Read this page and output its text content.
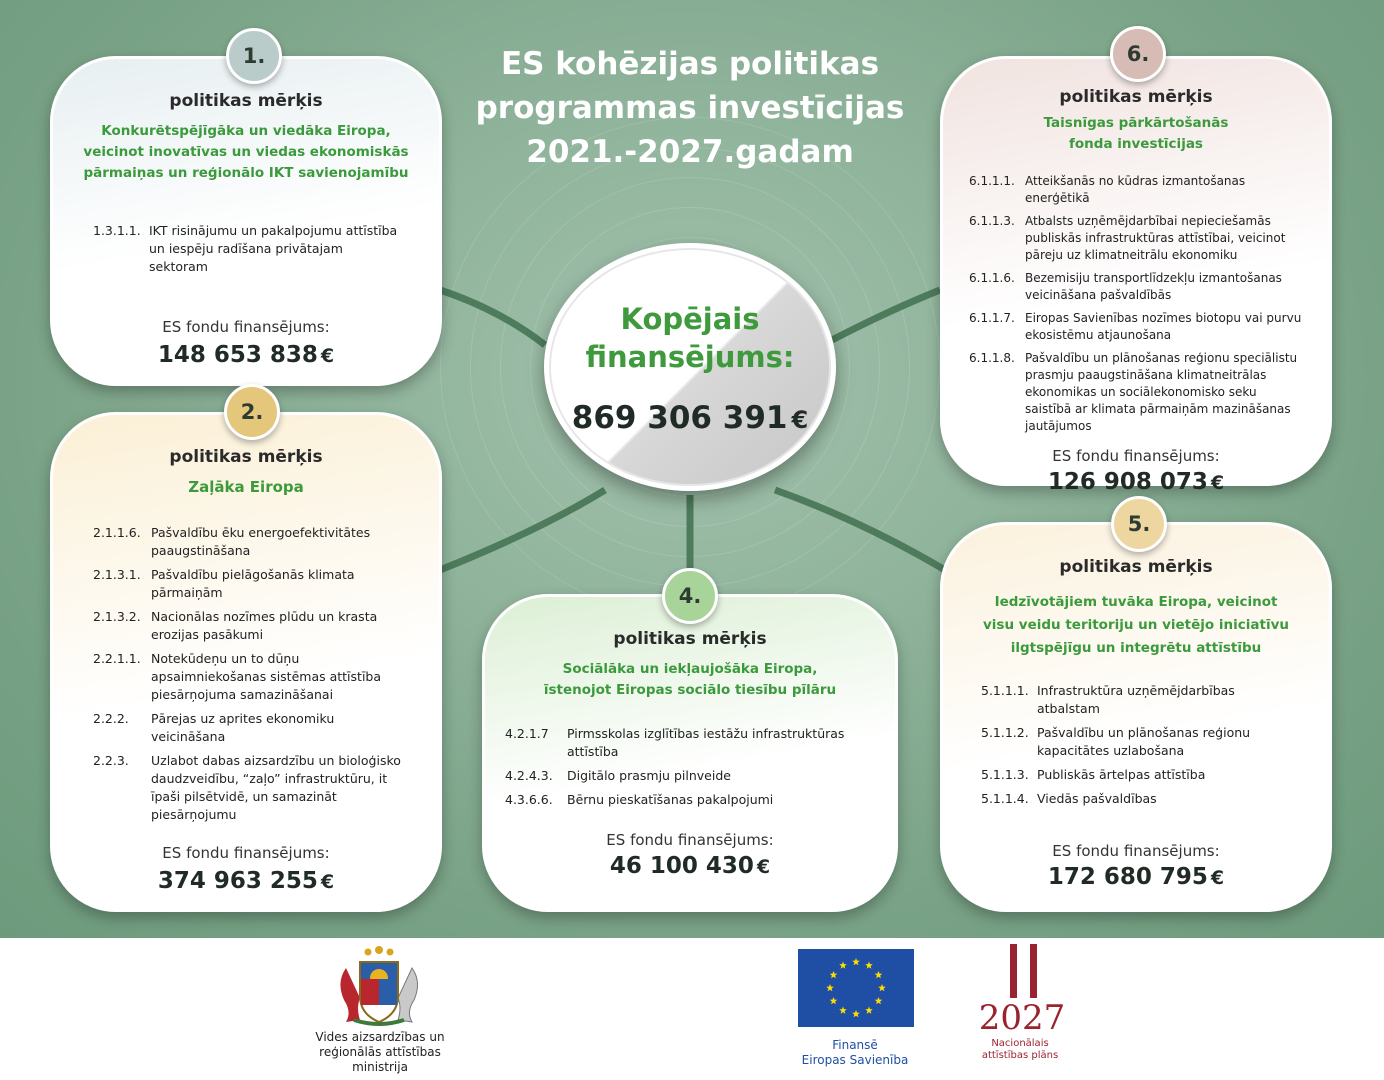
ES kohēzijas politikas
programmas investīcijas
2021.-2027.gadam
politikas mērķis
Konkurētspējīgāka un viedāka Eiropa,
veicinot inovatīvas un viedas ekonomiskās
pārmaiņas un reģionālo IKT savienojamību
1.3.1.1. IKT risinājumu un pakalpojumu attīstība un iespēju radīšana privātajam sektoram
ES fondu finansējums:
148 653 838 €
1.
politikas mērķis
Zaļāka Eiropa
2.1.1.6. Pašvaldību ēku energoefektivitātes paaugstināšana
2.1.3.1. Pašvaldību pielāgošanās klimata pārmaiņām
2.1.3.2. Nacionālas nozīmes plūdu un krasta erozijas pasākumi
2.2.1.1. Notekūdeņu un to dūņu apsaimniekošanas sistēmas attīstība piesārņojuma samazināšanai
2.2.2.	Pārejas uz aprites ekonomiku veicināšana
2.2.3.	Uzlabot dabas aizsardzību un bioloģisko daudzveidību, “zaļo” infrastruktūru, it īpaši pilsētvidē, un samazināt piesārņojumu
ES fondu finansējums:
374 963 255 €
2.
politikas mērķis
Sociālāka un iekļaujošāka Eiropa,
īstenojot Eiropas sociālo tiesību pīlāru
4.2.1.7	Pirmsskolas izglītības iestāžu infrastruktūras attīstība
4.2.4.3.	Digitālo prasmju pilnveide
4.3.6.6.	Bērnu pieskatīšanas pakalpojumi
ES fondu finansējums:
46 100 430 €
4.
politikas mērķis
Taisnīgas pārkārtošanās
fonda investīcijas
6.1.1.1. Atteikšanās no kūdras izmantošanas enerģētikā
6.1.1.3. Atbalsts uzņēmējdarbībai nepieciešamās publiskās infrastruktūras attīstībai, veicinot pāreju uz klimatneitrālu ekonomiku
6.1.1.6. Bezemisiju transportlīdzekļu izmantošanas veicināšana pašvaldībās
6.1.1.7. Eiropas Savienības nozīmes biotopu vai purvu ekosistēmu atjaunošana
6.1.1.8. Pašvaldību un plānošanas reģionu speciālistu prasmju paaugstināšana klimatneitrālas ekonomikas un sociālekonomisko seku saistībā ar klimata pārmaiņām mazināšanas jautājumos
ES fondu finansējums:
126 908 073 €
6.
politikas mērķis
Iedzīvotājiem tuvāka Eiropa, veicinot
visu veidu teritoriju un vietējo iniciatīvu
ilgtspējīgu un integrētu attīstību
5.1.1.1. Infrastruktūra uzņēmējdarbības atbalstam
5.1.1.2. Pašvaldību un plānošanas reģionu kapacitātes uzlabošana
5.1.1.3. Publiskās ārtelpas attīstība
5.1.1.4. Viedās pašvaldības
ES fondu finansējums:
172 680 795 €
5.
Kopējais
finansējums:
869 306 391 €
Vides aizsardzības un
reģionālās attīstības
ministrija
Finansē
Eiropas Savienība
2027
Nacionālais
attīstības plāns
